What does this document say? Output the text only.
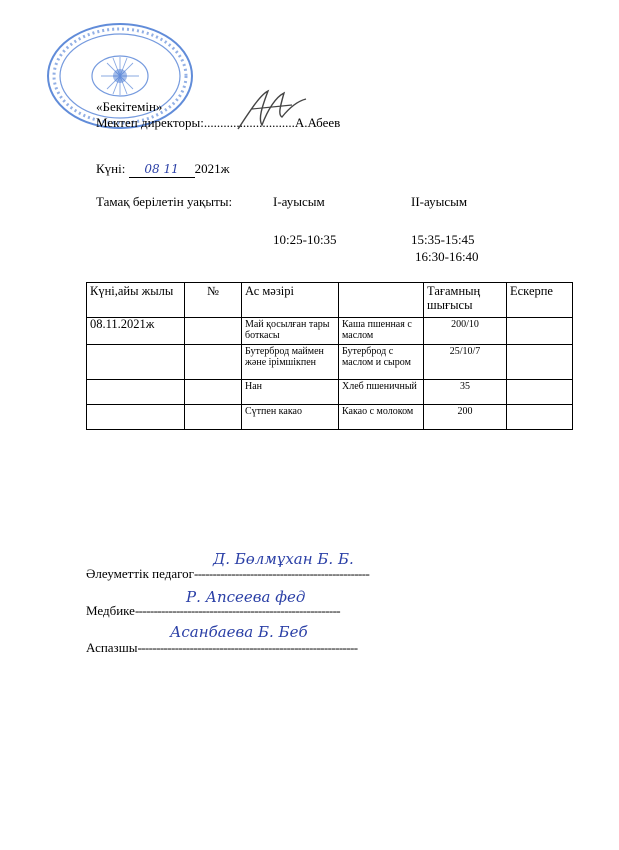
«Бекітемін»
Мектеп директоры:............................А.Абеев
Күні: 08 11 2021ж
Тамақ берілетін уақыты:	І-ауысым	ІІ-ауысым
10:25-10:35	15:35-15:45
16:30-16:40
Күні,айы жылы	№	Ас мәзірі		Тағамның шығысы	Ескерпе
08.11.2021ж		Май қосылған тары боткасы	Каша пшенная с маслом	200/10	
		Бутерброд маймен және ірімшікпен	Бутерброд с маслом и сыром	25/10/7	
		Нан	Хлеб пшеничный	35	
		Сүтпен какао	Какао с молоком	200	
Әлеуметтік педагог-----------------------------------------------
Д. Бөлмұхан Б. Б.
Медбике-------------------------------------------------------
Р. Апсеева фед
Аспазшы-----------------------------------------------------------
Асанбаева Б. Беб
